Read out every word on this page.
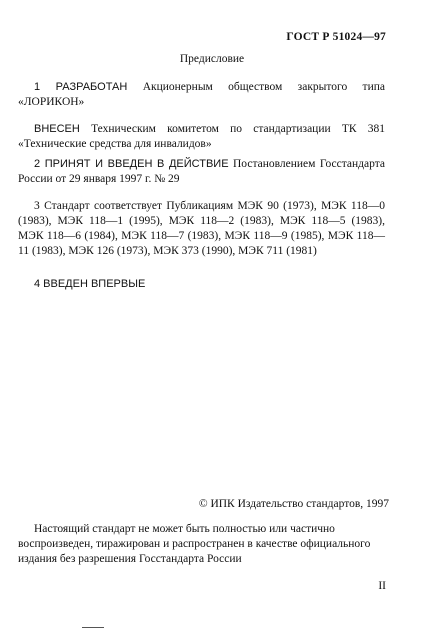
ГОСТ Р 51024—97
Предисловие
1 РАЗРАБОТАН Акционерным обществом закрытого типа «ЛОРИКОН»
ВНЕСЕН Техническим комитетом по стандартизации ТК 381 «Технические средства для инвалидов»
2 ПРИНЯТ И ВВЕДЕН В ДЕЙСТВИЕ Постановлением Госстандарта России от 29 января 1997 г. № 29
3 Стандарт соответствует Публикациям МЭК 90 (1973), МЭК 118—0 (1983), МЭК 118—1 (1995), МЭК 118—2 (1983), МЭК 118—5 (1983), МЭК 118—6 (1984), МЭК 118—7 (1983), МЭК 118—9 (1985), МЭК 118—11 (1983), МЭК 126 (1973), МЭК 373 (1990), МЭК 711 (1981)
4 ВВЕДЕН ВПЕРВЫЕ
© ИПК Издательство стандартов, 1997
Настоящий стандарт не может быть полностью или частично воспроизведен, тиражирован и распространен в качестве официального издания без разрешения Госстандарта России
II
